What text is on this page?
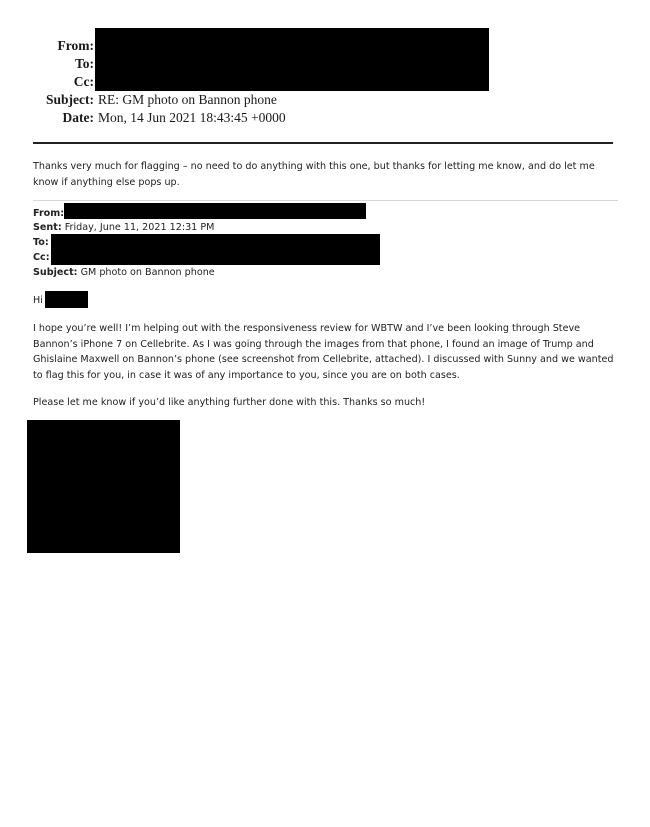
From:
To:
Cc:
Subject: RE: GM photo on Bannon phone
Date: Mon, 14 Jun 2021 18:43:45 +0000

Thanks very much for flagging – no need to do anything with this one, but thanks for letting me know, and do let me know if anything else pops up.

From:
Sent: Friday, June 11, 2021 12:31 PM
To:
Cc:
Subject: GM photo on Bannon phone
Hi

I hope you’re well! I’m helping out with the responsiveness review for WBTW and I’ve been looking through Steve Bannon’s iPhone 7 on Cellebrite. As I was going through the images from that phone, I found an image of Trump and Ghislaine Maxwell on Bannon’s phone (see screenshot from Cellebrite, attached). I discussed with Sunny and we wanted to flag this for you, in case it was of any importance to you, since you are on both cases.

Please let me know if you’d like anything further done with this. Thanks so much!
